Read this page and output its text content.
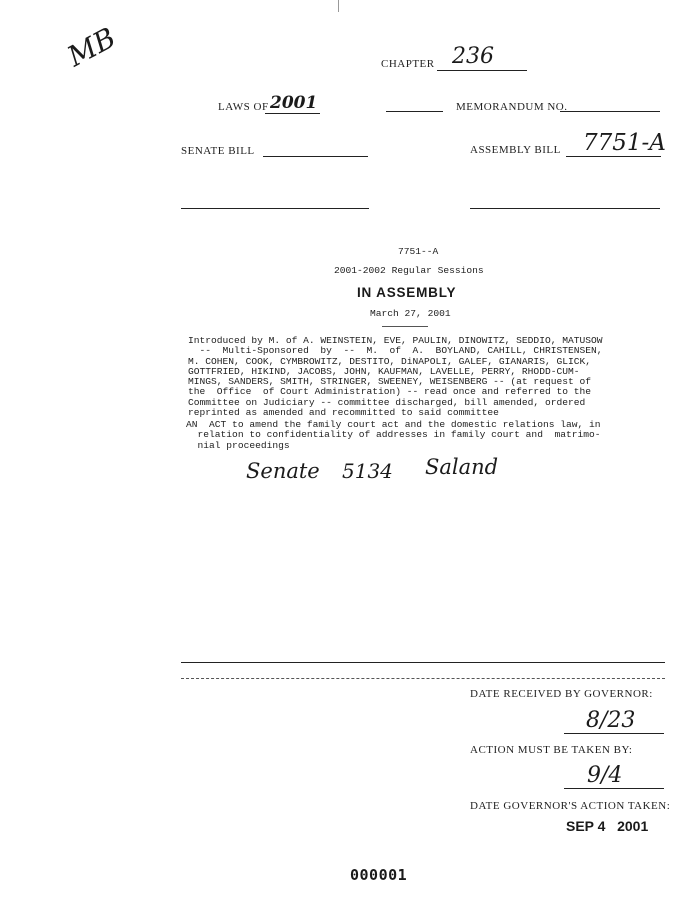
MB	CHAPTER 236
LAWS OF 2001	MEMORANDUM NO.
SENATE BILL	ASSEMBLY BILL 7751-A
7751--A
2001-2002 Regular Sessions
IN ASSEMBLY
March 27, 2001
Introduced by M. of A. WEINSTEIN, EVE, PAULIN, DINOWITZ, SEDDIO, MATUSOW
--  Multi-Sponsored  by  --  M.  of  A.  BOYLAND, CAHILL, CHRISTENSEN,
M. COHEN, COOK, CYMBROWITZ, DESTITO, DiNAPOLI, GALEF, GIANARIS, GLICK,
GOTTFRIED, HIKIND, JACOBS, JOHN, KAUFMAN, LAVELLE, PERRY, RHODD-CUM-
MINGS, SANDERS, SMITH, STRINGER, SWEENEY, WEISENBERG -- (at request of
the  Office  of Court Administration) -- read once and referred to the
Committee on Judiciary -- committee discharged, bill amended, ordered
reprinted as amended and recommitted to said committee
AN  ACT to amend the family court act and the domestic relations law, in
relation to confidentiality of addresses in family court and  matrimo-
nial proceedings
Senate 5134 Saland
DATE RECEIVED BY GOVERNOR:
8/23
ACTION MUST BE TAKEN BY:
9/4
DATE GOVERNOR'S ACTION TAKEN:
SEP 4   2001
000001
